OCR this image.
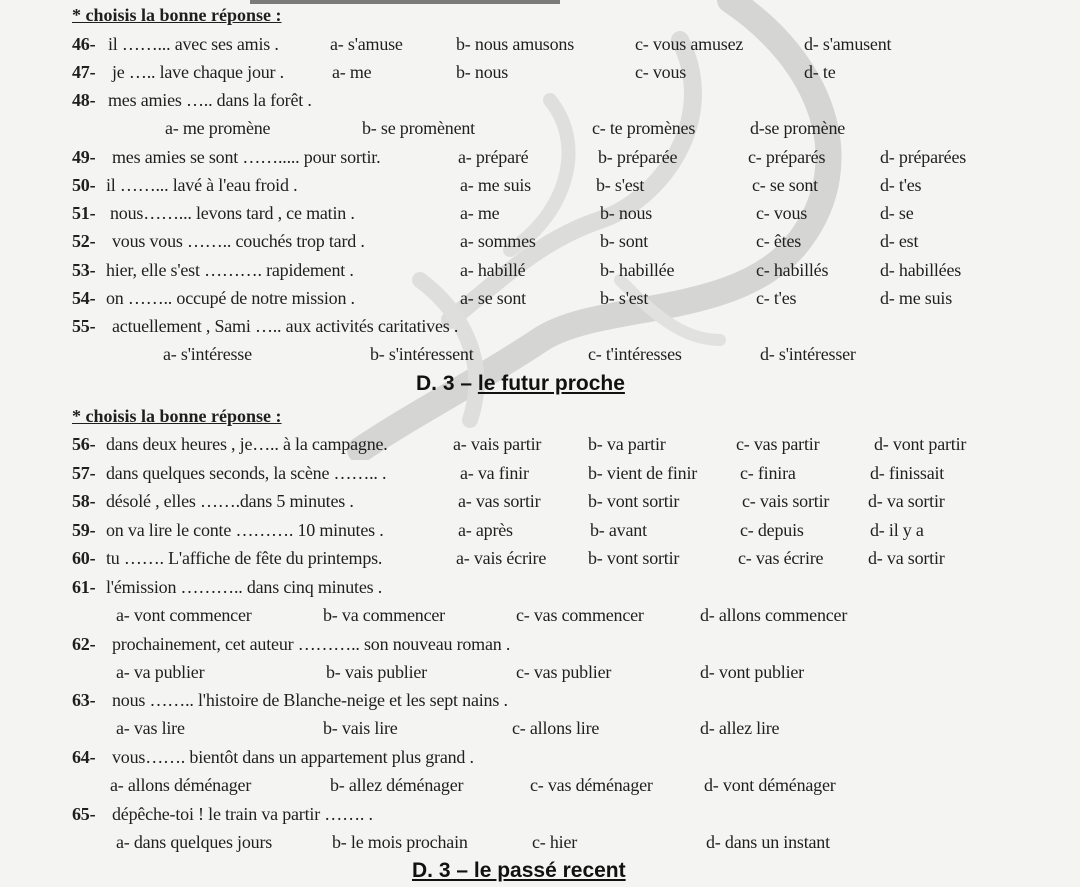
* choisis la bonne réponse :
46- il ……... avec ses amis .	a- s'amuse	b- nous amusons	c- vous amusez	d- s'amusent
47- je ….. lave chaque jour .	a- me	b- nous	c- vous	d- te
48- mes amies ….. dans la forêt .
a- me promène	b- se promènent	c- te promènes	d-se promène
49- mes amies se sont ……..... pour sortir.	a- préparé	b- préparée	c- préparés	d- préparées
50- il ……... lavé à l'eau froid .	a- me suis	b- s'est	c- se sont	d- t'es
51- nous……... levons tard , ce matin .	a- me	b- nous	c- vous	d- se
52- vous vous …….. couchés trop tard .	a- sommes	b- sont	c- êtes	d- est
53- hier, elle s'est ………. rapidement .	a- habillé	b- habillée	c- habillés	d- habillées
54- on …….. occupé de notre mission .	a- se sont	b- s'est	c- t'es	d- me suis
55- actuellement , Sami ….. aux activités caritatives .
a- s'intéresse	b- s'intéressent	c- t'intéresses	d- s'intéresser
D. 3 – le futur proche
* choisis la bonne réponse :
56- dans deux heures , je….. à la campagne.	a- vais partir	b- va partir	c- vas partir	d- vont partir
57- dans quelques seconds, la scène …….. .	a- va finir	b- vient de finir c- finira	d- finissait
58- désolé , elles …….dans 5 minutes .	a- vas sortir	b- vont sortir	c- vais sortir d- va sortir
59- on va lire le conte ………. 10 minutes .	a- après	b- avant	c- depuis	d- il y a
60- tu ……. L'affiche de fête du printemps.	a- vais écrire b- vont sortir	c- vas écrire d- va sortir
61- l'émission ……….. dans cinq minutes .
a- vont commencer	b- va commencer	c- vas commencer	d- allons commencer
62- prochainement, cet auteur ……….. son nouveau roman .
a- va publier	b- vais publier	c- vas publier	d- vont publier
63- nous …….. l'histoire de Blanche-neige et les sept nains .
a- vas lire	b- vais lire	c- allons lire	d- allez lire
64- vous……. bientôt dans un appartement plus grand .
a- allons déménager	b- allez déménager	c- vas déménager	d- vont déménager
65- dépêche-toi ! le train va partir ……. .
a- dans quelques jours	b- le mois prochain	c- hier	d- dans un instant
D. 3 – le passé recent
